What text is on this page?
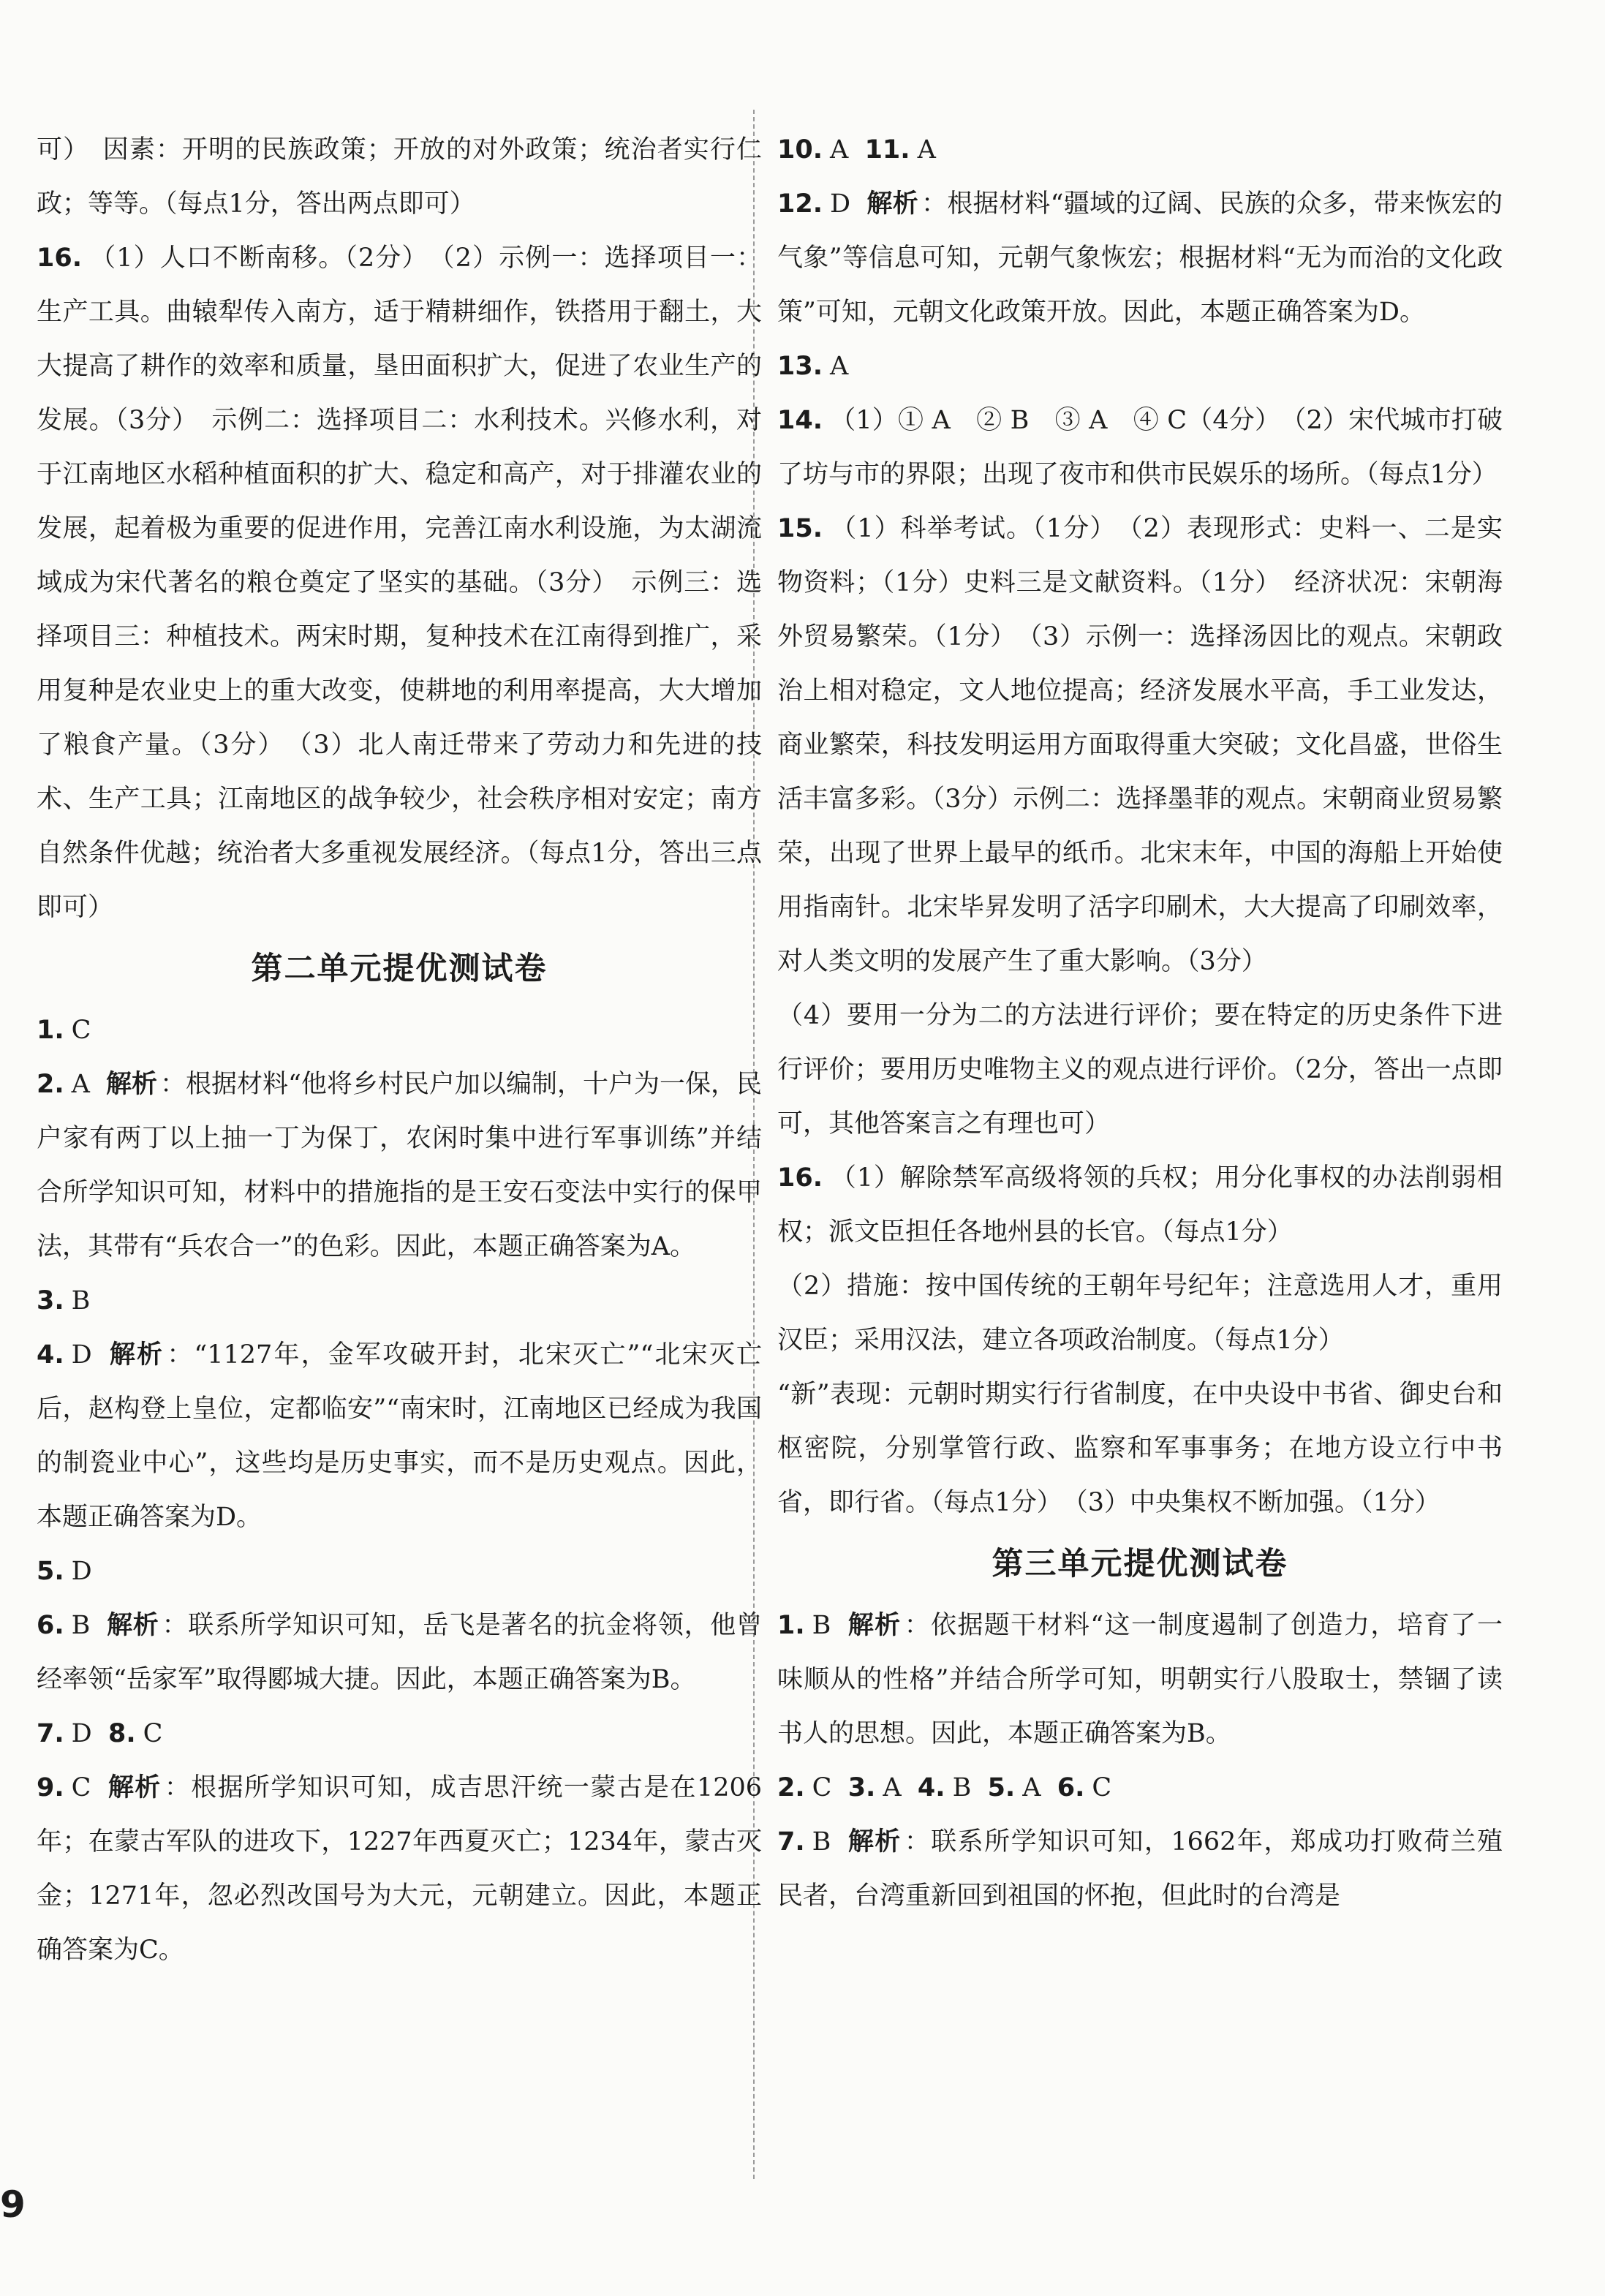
可）　因素：开明的民族政策；开放的对外政策；统治者实行仁政；等等。（每点1分，答出两点即可）

16. （1）人口不断南移。（2分）　（2）示例一：选择项目一：生产工具。曲辕犁传入南方，适于精耕细作，铁搭用于翻土，大大提高了耕作的效率和质量，垦田面积扩大，促进了农业生产的发展。（3分）　示例二：选择项目二：水利技术。兴修水利，对于江南地区水稻种植面积的扩大、稳定和高产，对于排灌农业的发展，起着极为重要的促进作用，完善江南水利设施，为太湖流域成为宋代著名的粮仓奠定了坚实的基础。（3分）　示例三：选择项目三：种植技术。两宋时期，复种技术在江南得到推广，采用复种是农业史上的重大改变，使耕地的利用率提高，大大增加了粮食产量。（3分）　（3）北人南迁带来了劳动力和先进的技术、生产工具；江南地区的战争较少，社会秩序相对安定；南方自然条件优越；统治者大多重视发展经济。（每点1分，答出三点即可）

第二单元提优测试卷

1. C

2. A 解析 ：根据材料“他将乡村民户加以编制，十户为一保，民户家有两丁以上抽一丁为保丁，农闲时集中进行军事训练”并结合所学知识可知，材料中的措施指的是王安石变法中实行的保甲法，其带有“兵农合一”的色彩。因此，本题正确答案为A。

3. B

4. D 解析 ：“1127年，金军攻破开封，北宋灭亡”“北宋灭亡后，赵构登上皇位，定都临安”“南宋时，江南地区已经成为我国的制瓷业中心”，这些均是历史事实，而不是历史观点。因此，本题正确答案为D。

5. D

6. B 解析 ：联系所学知识可知，岳飞是著名的抗金将领，他曾经率领“岳家军”取得郾城大捷。因此，本题正确答案为B。

7. D 8. C

9. C 解析 ：根据所学知识可知，成吉思汗统一蒙古是在1206年；在蒙古军队的进攻下，1227年西夏灭亡；1234年，蒙古灭金；1271年，忽必烈改国号为大元，元朝建立。因此，本题正确答案为C。

10. A 11. A

12. D 解析 ：根据材料“疆域的辽阔、民族的众多，带来恢宏的气象”等信息可知，元朝气象恢宏；根据材料“无为而治的文化政策”可知，元朝文化政策开放。因此，本题正确答案为D。

13. A

14. （1）① A　② B　③ A　④ C（4分）　（2）宋代城市打破了坊与市的界限；出现了夜市和供市民娱乐的场所。（每点1分）

15. （1）科举考试。（1分）　（2）表现形式：史料一、二是实物资料；（1分）史料三是文献资料。（1分）　经济状况：宋朝海外贸易繁荣。（1分）　（3）示例一：选择汤因比的观点。宋朝政治上相对稳定，文人地位提高；经济发展水平高，手工业发达，商业繁荣，科技发明运用方面取得重大突破；文化昌盛，世俗生活丰富多彩。（3分）示例二：选择墨菲的观点。宋朝商业贸易繁荣，出现了世界上最早的纸币。北宋末年，中国的海船上开始使用指南针。北宋毕昇发明了活字印刷术，大大提高了印刷效率，对人类文明的发展产生了重大影响。（3分）

（4）要用一分为二的方法进行评价；要在特定的历史条件下进行评价；要用历史唯物主义的观点进行评价。（2分，答出一点即可，其他答案言之有理也可）

16. （1）解除禁军高级将领的兵权；用分化事权的办法削弱相权；派文臣担任各地州县的长官。（每点1分）

（2）措施：按中国传统的王朝年号纪年；注意选用人才，重用汉臣；采用汉法，建立各项政治制度。（每点1分）

“新”表现：元朝时期实行行省制度，在中央设中书省、御史台和枢密院，分别掌管行政、监察和军事事务；在地方设立行中书省，即行省。（每点1分）　（3）中央集权不断加强。（1分）

第三单元提优测试卷

1. B 解析 ：依据题干材料“这一制度遏制了创造力，培育了一味顺从的性格”并结合所学可知，明朝实行八股取士，禁锢了读书人的思想。因此，本题正确答案为B。

2. C 3. A 4. B 5. A 6. C

7. B 解析 ：联系所学知识可知，1662年，郑成功打败荷兰殖民者，台湾重新回到祖国的怀抱，但此时的台湾是

9
